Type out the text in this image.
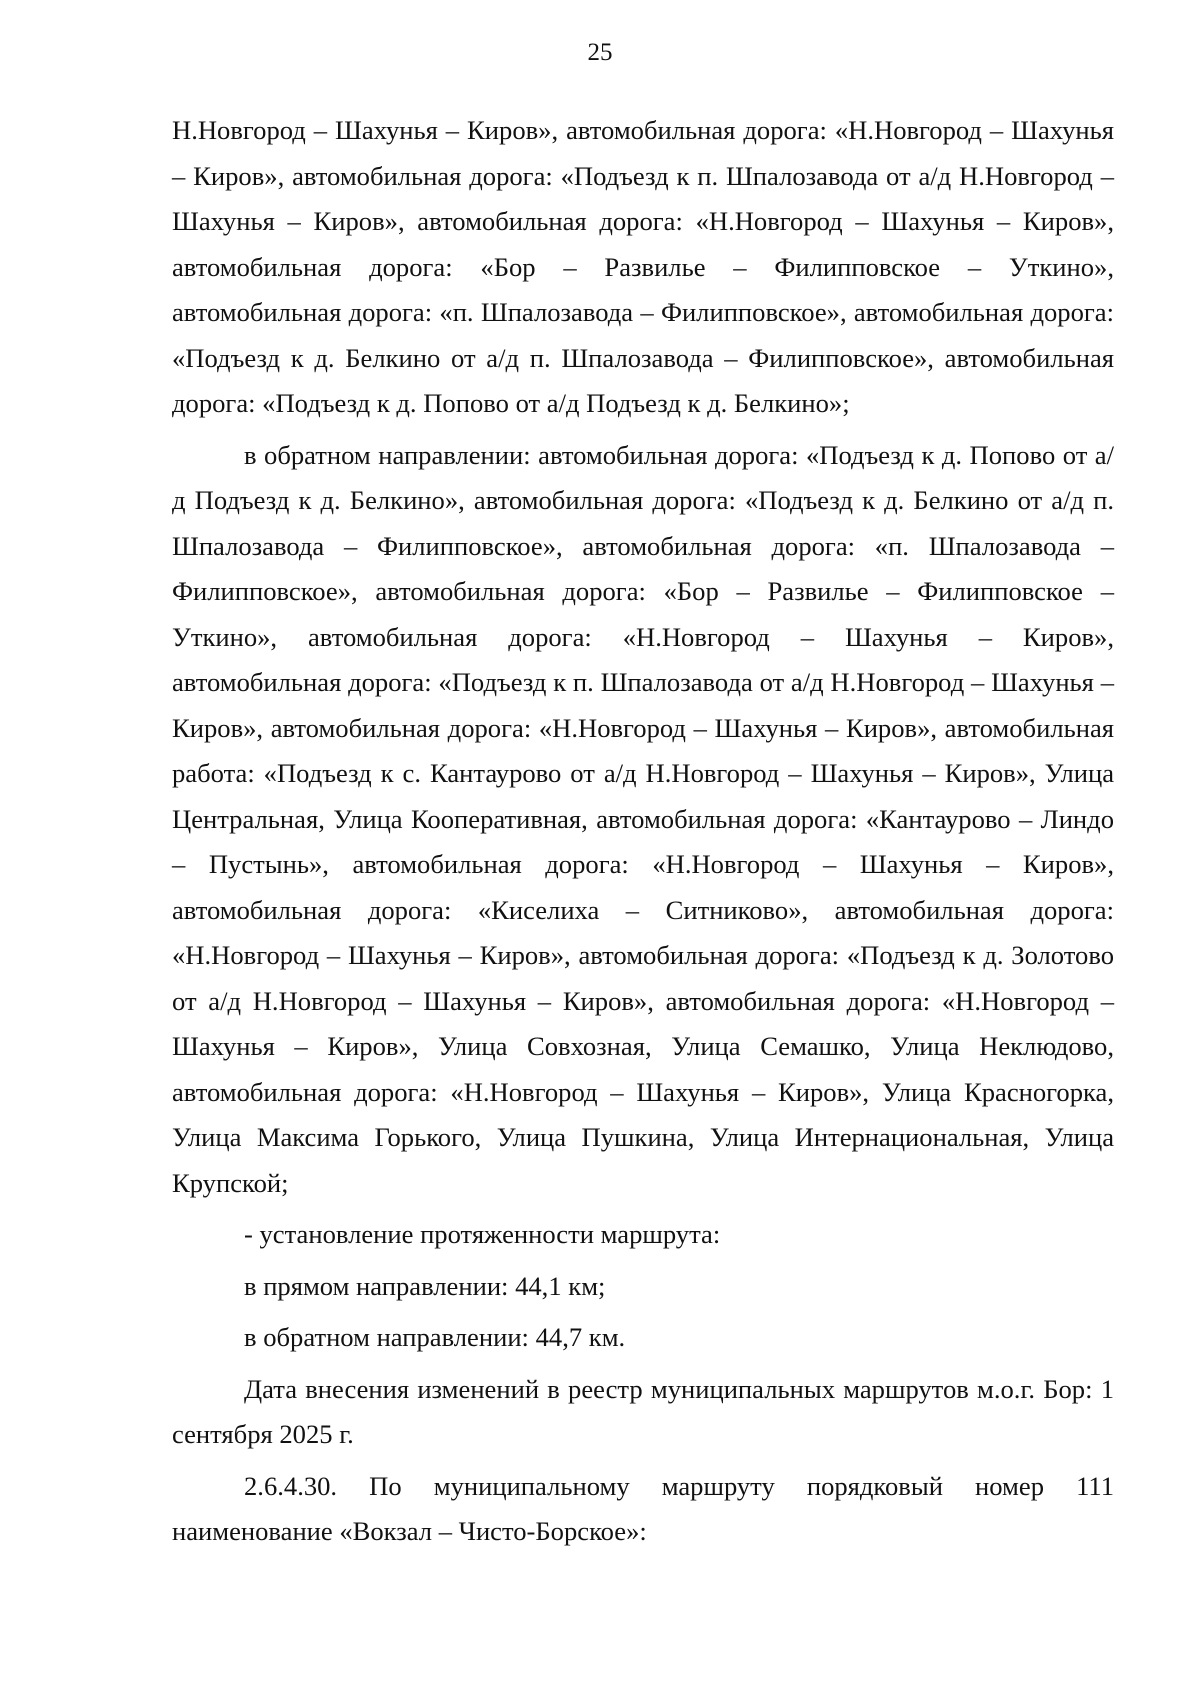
25

Н.Новгород – Шахунья – Киров», автомобильная дорога: «Н.Новгород – Шахунья – Киров», автомобильная дорога: «Подъезд к п. Шпалозавода от а/д Н.Новгород – Шахунья – Киров», автомобильная дорога: «Н.Новгород – Шахунья – Киров», автомобильная дорога: «Бор – Развилье – Филипповское – Уткино», автомобильная дорога: «п. Шпалозавода – Филипповское», автомобильная дорога: «Подъезд к д. Белкино от а/д п. Шпалозавода – Филипповское», автомобильная дорога: «Подъезд к д. Попово от а/д Подъезд к д. Белкино»;

в обратном направлении: автомобильная дорога: «Подъезд к д. Попово от а/д Подъезд к д. Белкино», автомобильная дорога: «Подъезд к д. Белкино от а/д п. Шпалозавода – Филипповское», автомобильная дорога: «п. Шпалозавода – Филипповское», автомобильная дорога: «Бор – Развилье – Филипповское – Уткино», автомобильная дорога: «Н.Новгород – Шахунья – Киров», автомобильная дорога: «Подъезд к п. Шпалозавода от а/д Н.Новгород – Шахунья – Киров», автомобильная дорога: «Н.Новгород – Шахунья – Киров», автомобильная работа: «Подъезд к с. Кантаурово от а/д Н.Новгород – Шахунья – Киров», Улица Центральная, Улица Кооперативная, автомобильная дорога: «Кантаурово – Линдо – Пустынь», автомобильная дорога: «Н.Новгород – Шахунья – Киров», автомобильная дорога: «Киселиха – Ситниково», автомобильная дорога: «Н.Новгород – Шахунья – Киров», автомобильная дорога: «Подъезд к д. Золотово от а/д Н.Новгород – Шахунья – Киров», автомобильная дорога: «Н.Новгород – Шахунья – Киров», Улица Совхозная, Улица Семашко, Улица Неклюдово, автомобильная дорога: «Н.Новгород – Шахунья – Киров», Улица Красногорка, Улица Максима Горького, Улица Пушкина, Улица Интернациональная, Улица Крупской;

- установление протяженности маршрута:

в прямом направлении: 44,1 км;

в обратном направлении: 44,7 км.

Дата внесения изменений в реестр муниципальных маршрутов м.о.г. Бор: 1 сентября 2025 г.

2.6.4.30. По муниципальному маршруту порядковый номер 111 наименование «Вокзал – Чисто-Борское»:
